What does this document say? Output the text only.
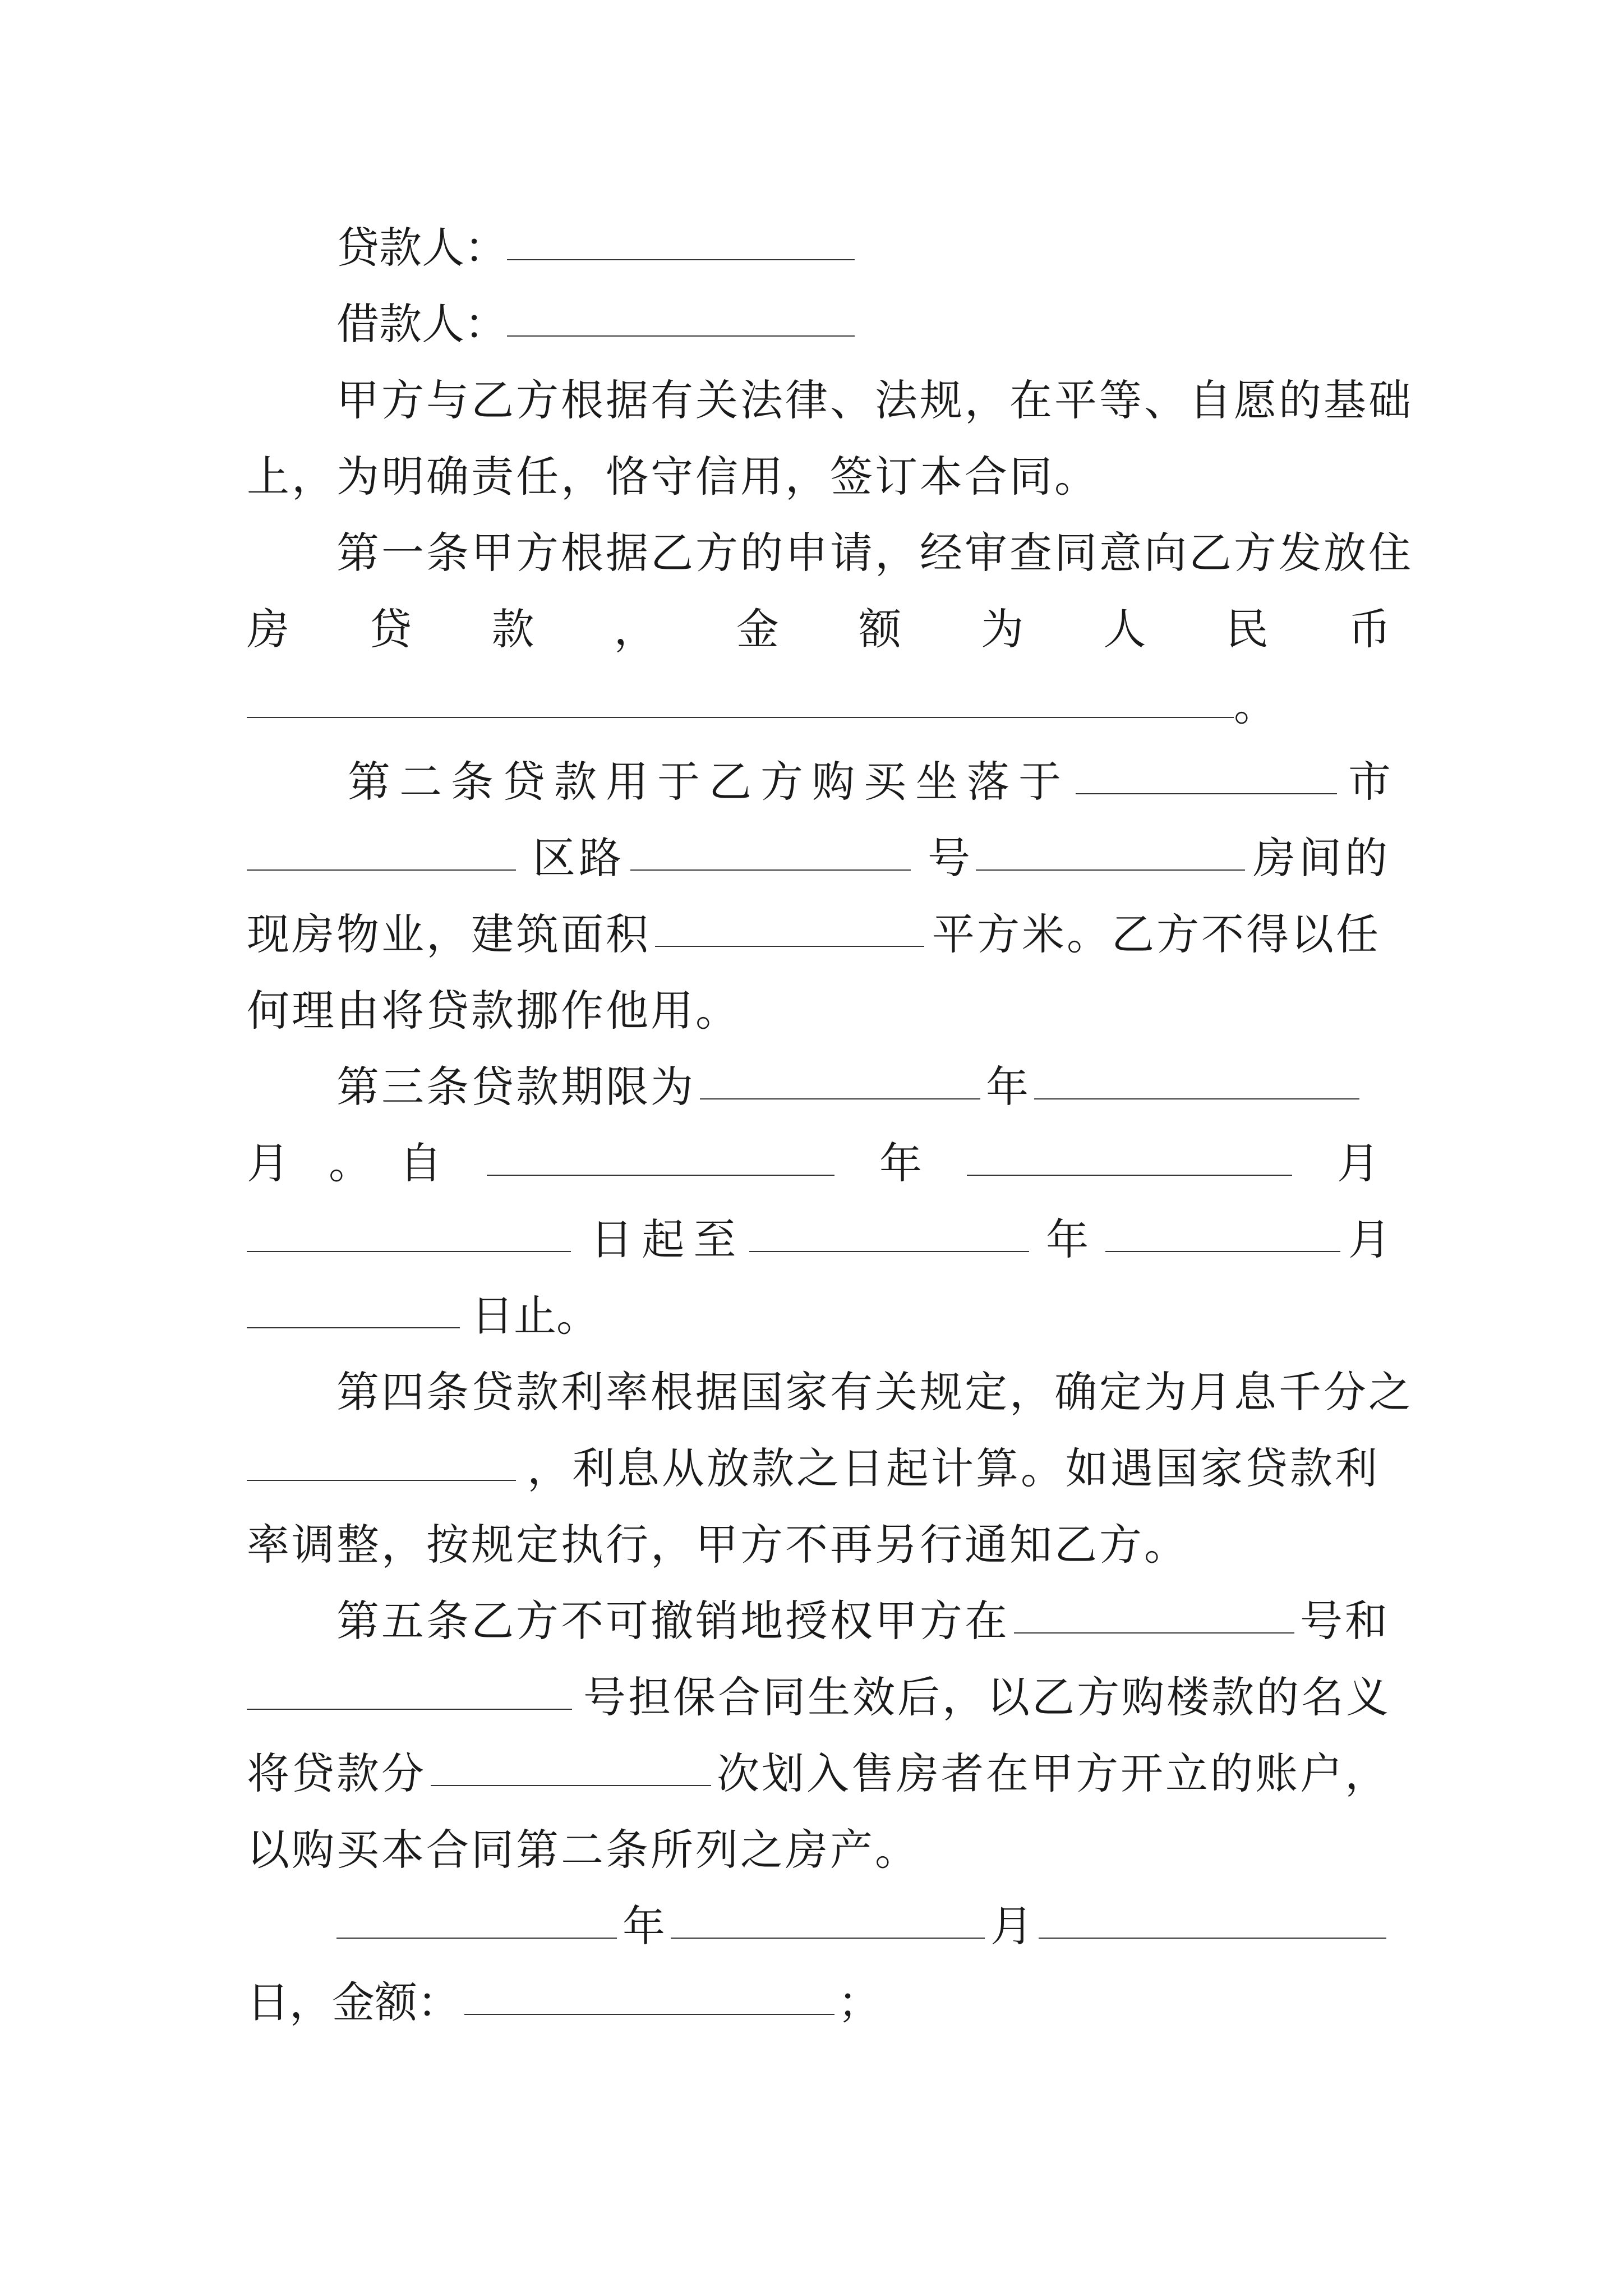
贷款人：
借款人：
甲方与乙方根据有关法律、法规，在平等、自愿的基础
上，为明确责任，恪守信用，签订本合同。
第一条甲方根据乙方的申请，经审查同意向乙方发放住
房 贷 款 ， 金 额 为 人 民 币
。
第二条贷款用于乙方购买坐落于	市
区路	号	房间的
现房物业，建筑面积	平方米。乙方不得以任
何理由将贷款挪作他用。
第三条贷款期限为	年
月 。 自	年	月
日起至	年	月
日止。
第四条贷款利率根据国家有关规定，确定为月息千分之
，利息从放款之日起计算。如遇国家贷款利
率调整，按规定执行，甲方不再另行通知乙方。
第五条乙方不可撤销地授权甲方在	号和
号担保合同生效后，以乙方购楼款的名义
将贷款分	次划入售房者在甲方开立的账户，
以购买本合同第二条所列之房产。
年	月
日，金额：	；
